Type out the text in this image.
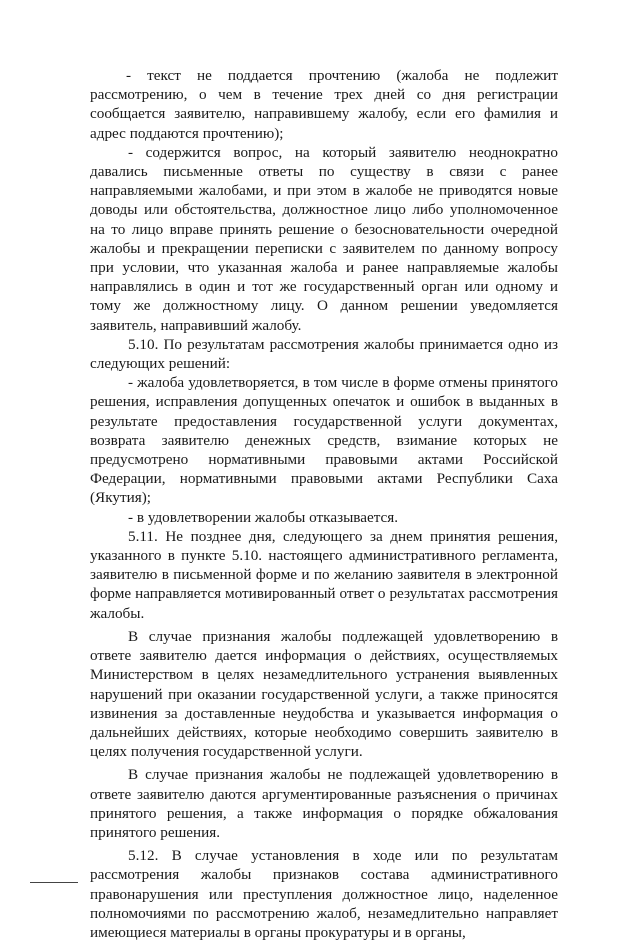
- текст не поддается прочтению (жалоба не подлежит рассмотрению, о чем в течение трех дней со дня регистрации сообщается заявителю, направившему жалобу, если его фамилия и адрес поддаются прочтению);

- содержится вопрос, на который заявителю неоднократно давались письменные ответы по существу в связи с ранее направляемыми жалобами, и при этом в жалобе не приводятся новые доводы или обстоятельства, должностное лицо либо уполномоченное на то лицо вправе принять решение о безосновательности очередной жалобы и прекращении переписки с заявителем по данному вопросу при условии, что указанная жалоба и ранее направляемые жалобы направлялись в один и тот же государственный орган или одному и тому же должностному лицу. О данном решении уведомляется заявитель, направивший жалобу.

5.10. По результатам рассмотрения жалобы принимается одно из следующих решений:

- жалоба удовлетворяется, в том числе в форме отмены принятого решения, исправления допущенных опечаток и ошибок в выданных в результате предоставления государственной услуги документах, возврата заявителю денежных средств, взимание которых не предусмотрено нормативными правовыми актами Российской Федерации, нормативными правовыми актами Республики Саха (Якутия);

- в удовлетворении жалобы отказывается.

5.11. Не позднее дня, следующего за днем принятия решения, указанного в пункте 5.10. настоящего административного регламента, заявителю в письменной форме и по желанию заявителя в электронной форме направляется мотивированный ответ о результатах рассмотрения жалобы.

В случае признания жалобы подлежащей удовлетворению в ответе заявителю дается информация о действиях, осуществляемых Министерством в целях незамедлительного устранения выявленных нарушений при оказании государственной услуги, а также приносятся извинения за доставленные неудобства и указывается информация о дальнейших действиях, которые необходимо совершить заявителю в целях получения государственной услуги.

В случае признания жалобы не подлежащей удовлетворению в ответе заявителю даются аргументированные разъяснения о причинах принятого решения, а также информация о порядке обжалования принятого решения.

5.12. В случае установления в ходе или по результатам рассмотрения жалобы признаков состава административного правонарушения или преступления должностное лицо, наделенное полномочиями по рассмотрению жалоб, незамедлительно направляет имеющиеся материалы в органы прокуратуры и в органы,
